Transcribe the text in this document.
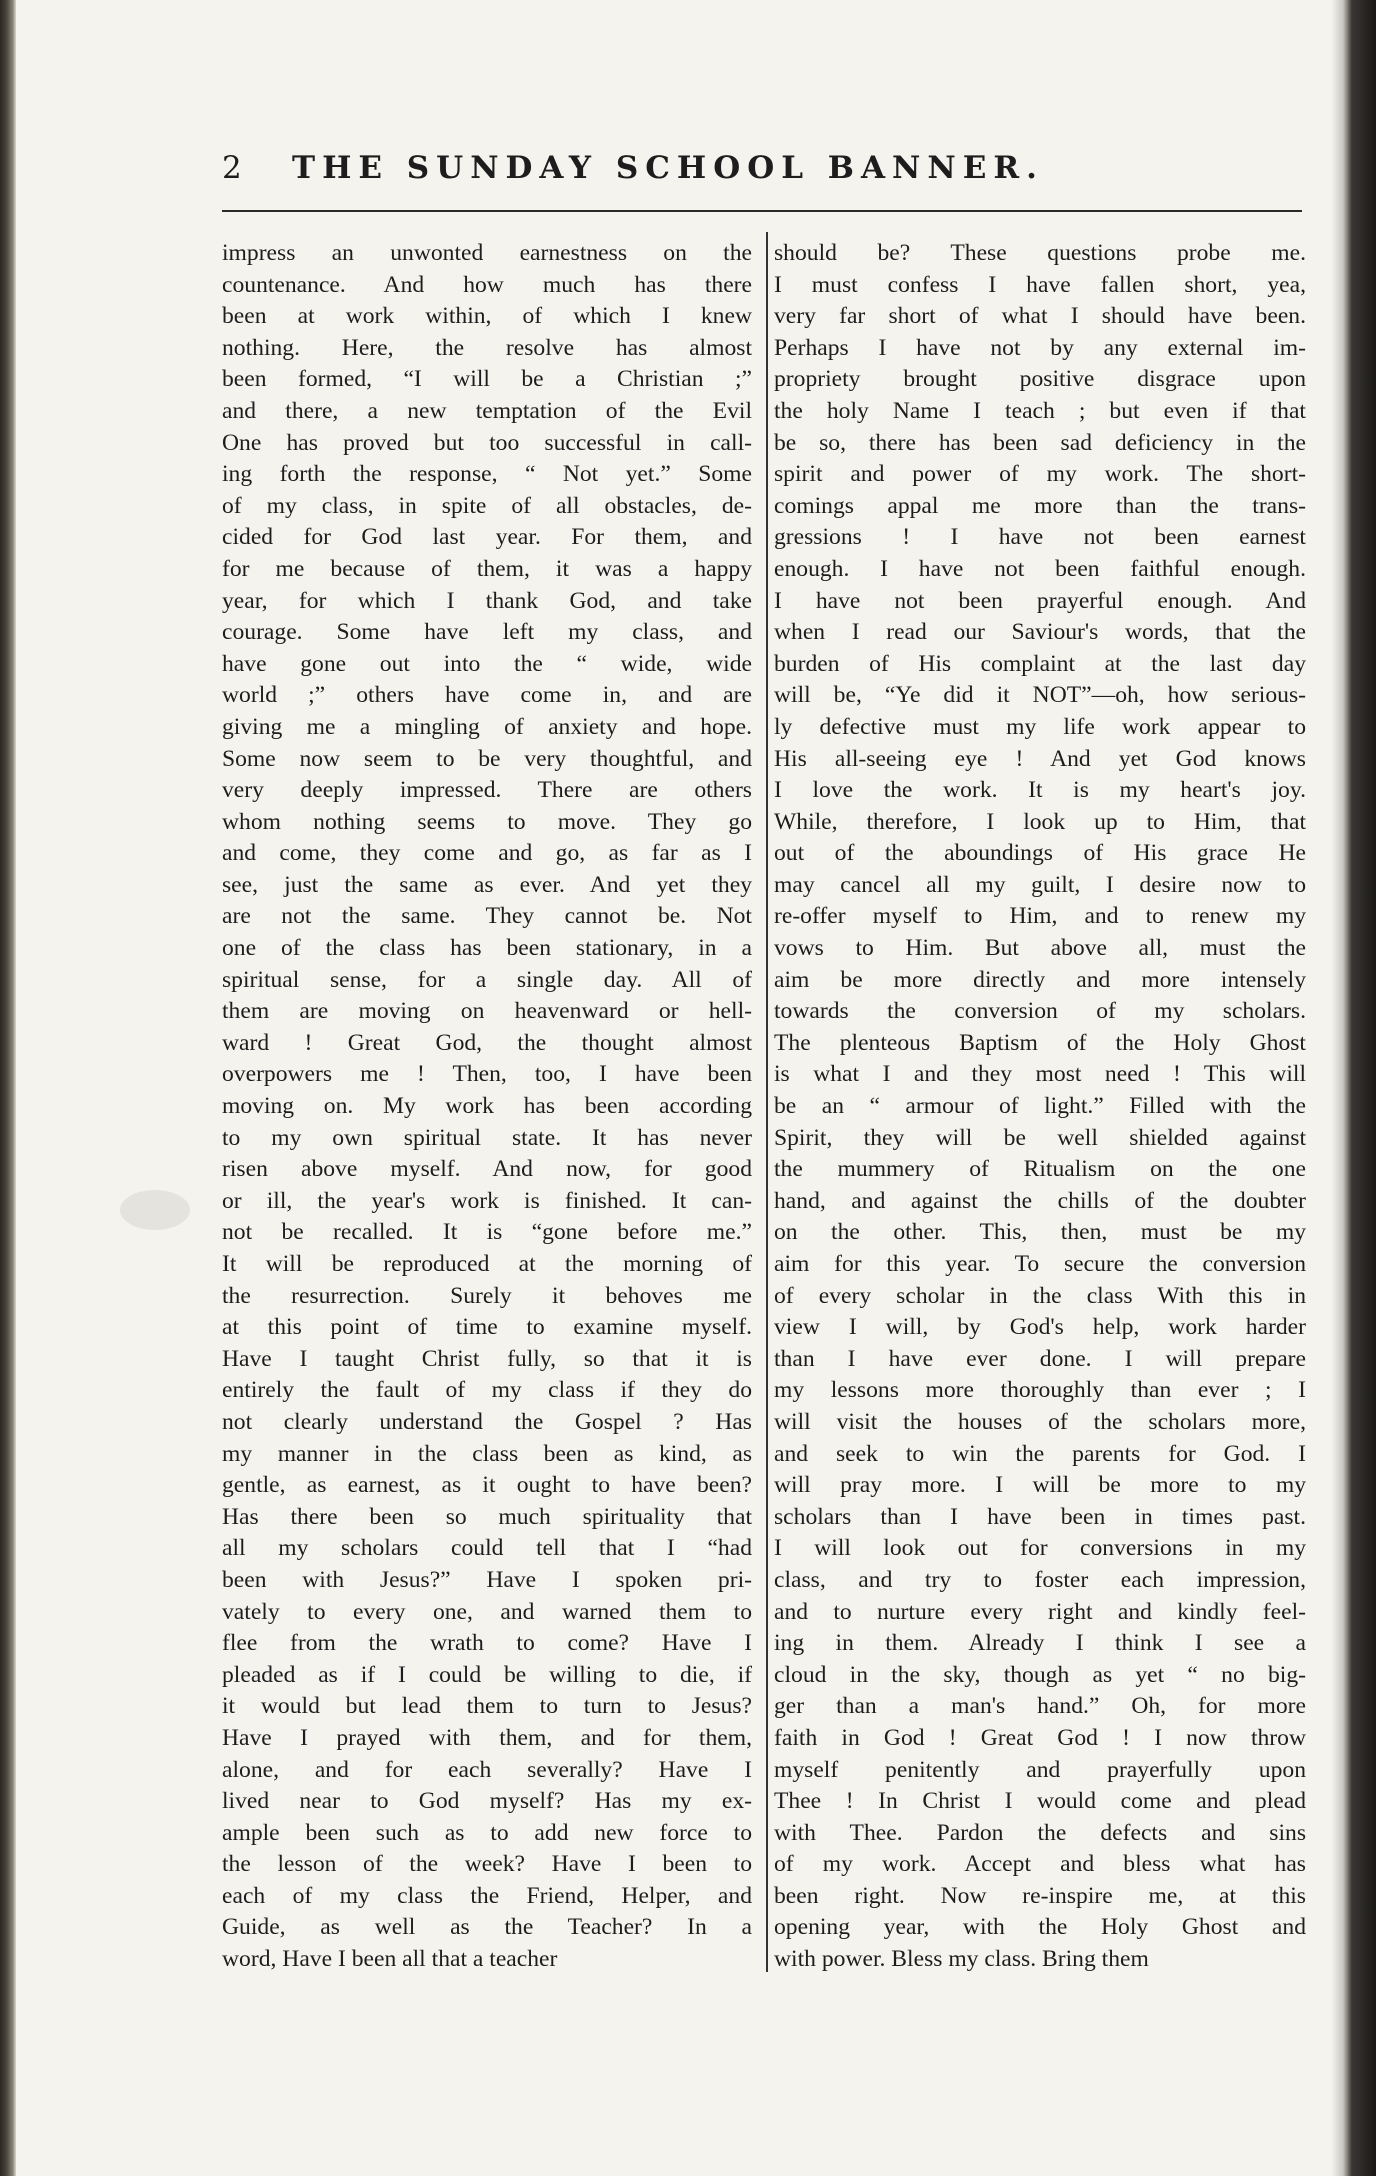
2	THE SUNDAY SCHOOL BANNER.
impress an unwonted earnestness on the
countenance. And how much has there
been at work within, of which I knew
nothing. Here, the resolve has almost
been formed, “I will be a Christian ;”
and there, a new temptation of the Evil
One has proved but too successful in call-
ing forth the response, “ Not yet.” Some
of my class, in spite of all obstacles, de-
cided for God last year. For them, and
for me because of them, it was a happy
year, for which I thank God, and take
courage. Some have left my class, and
have gone out into the “ wide, wide
world ;” others have come in, and are
giving me a mingling of anxiety and hope.
Some now seem to be very thoughtful, and
very deeply impressed. There are others
whom nothing seems to move. They go
and come, they come and go, as far as I
see, just the same as ever. And yet they
are not the same. They cannot be. Not
one of the class has been stationary, in a
spiritual sense, for a single day. All of
them are moving on heavenward or hell-
ward ! Great God, the thought almost
overpowers me ! Then, too, I have been
moving on. My work has been according
to my own spiritual state. It has never
risen above myself. And now, for good
or ill, the year's work is finished. It can-
not be recalled. It is “gone before me.”
It will be reproduced at the morning of
the resurrection. Surely it behoves me
at this point of time to examine myself.
Have I taught Christ fully, so that it is
entirely the fault of my class if they do
not clearly understand the Gospel ? Has
my manner in the class been as kind, as
gentle, as earnest, as it ought to have been?
Has there been so much spirituality that
all my scholars could tell that I “had
been with Jesus?” Have I spoken pri-
vately to every one, and warned them to
flee from the wrath to come? Have I
pleaded as if I could be willing to die, if
it would but lead them to turn to Jesus?
Have I prayed with them, and for them,
alone, and for each severally? Have I
lived near to God myself? Has my ex-
ample been such as to add new force to
the lesson of the week? Have I been to
each of my class the Friend, Helper, and
Guide, as well as the Teacher? In a
word, Have I been all that a teacher
should be? These questions probe me.
I must confess I have fallen short, yea,
very far short of what I should have been.
Perhaps I have not by any external im-
propriety brought positive disgrace upon
the holy Name I teach ; but even if that
be so, there has been sad deficiency in the
spirit and power of my work. The short-
comings appal me more than the trans-
gressions ! I have not been earnest
enough. I have not been faithful enough.
I have not been prayerful enough. And
when I read our Saviour's words, that the
burden of His complaint at the last day
will be, “Ye did it NOT”—oh, how serious-
ly defective must my life work appear to
His all-seeing eye ! And yet God knows
I love the work. It is my heart's joy.
While, therefore, I look up to Him, that
out of the aboundings of His grace He
may cancel all my guilt, I desire now to
re-offer myself to Him, and to renew my
vows to Him. But above all, must the
aim be more directly and more intensely
towards the conversion of my scholars.
The plenteous Baptism of the Holy Ghost
is what I and they most need ! This will
be an “ armour of light.” Filled with the
Spirit, they will be well shielded against
the mummery of Ritualism on the one
hand, and against the chills of the doubter
on the other. This, then, must be my
aim for this year. To secure the conversion
of every scholar in the class With this in
view I will, by God's help, work harder
than I have ever done. I will prepare
my lessons more thoroughly than ever ; I
will visit the houses of the scholars more,
and seek to win the parents for God. I
will pray more. I will be more to my
scholars than I have been in times past.
I will look out for conversions in my
class, and try to foster each impression,
and to nurture every right and kindly feel-
ing in them. Already I think I see a
cloud in the sky, though as yet “ no big-
ger than a man's hand.” Oh, for more
faith in God ! Great God ! I now throw
myself penitently and prayerfully upon
Thee ! In Christ I would come and plead
with Thee. Pardon the defects and sins
of my work. Accept and bless what has
been right. Now re-inspire me, at this
opening year, with the Holy Ghost and
with power. Bless my class. Bring them
